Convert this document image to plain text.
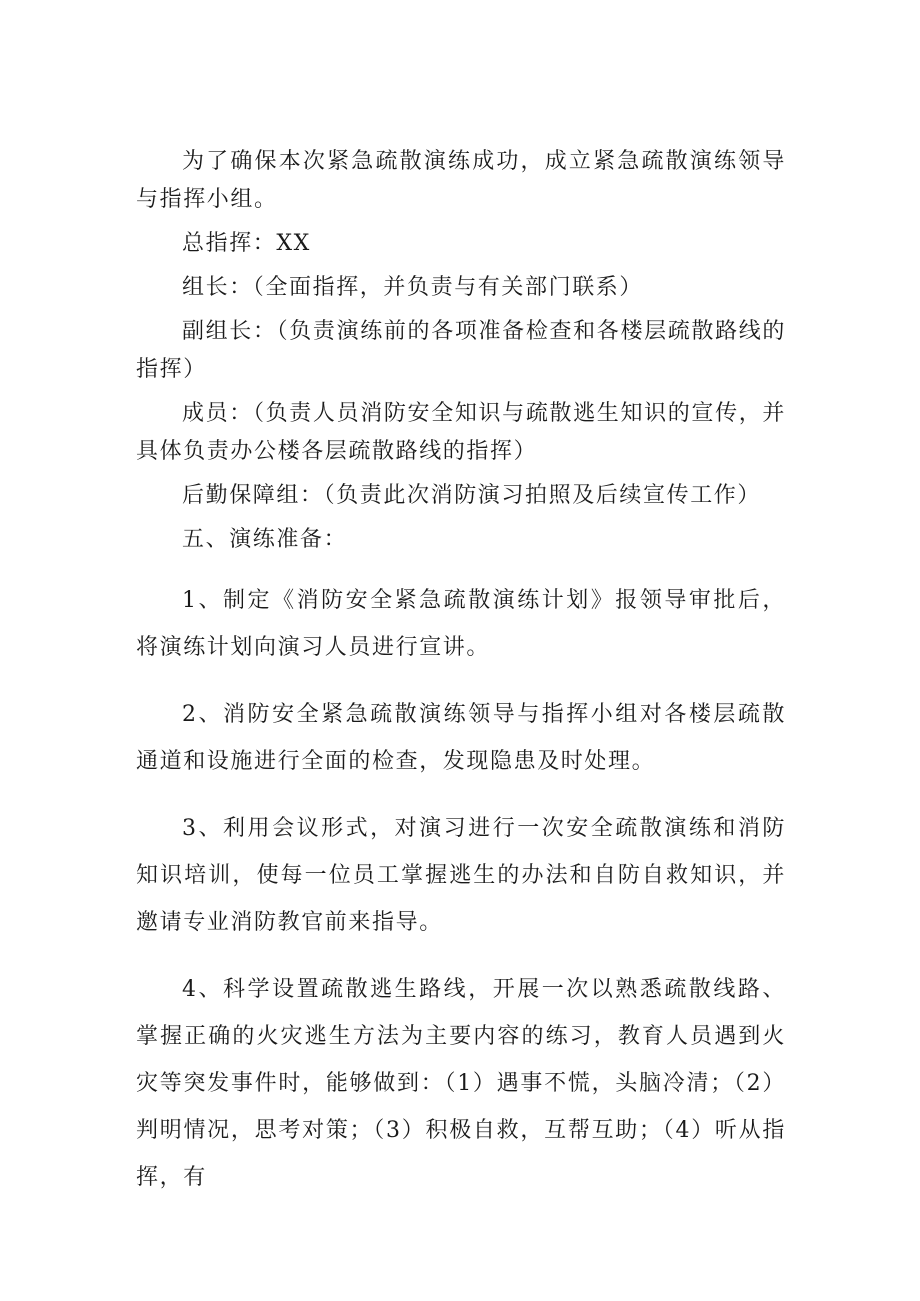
为了确保本次紧急疏散演练成功，成立紧急疏散演练领导与指挥小组。

总指挥：XX

组长：（全面指挥，并负责与有关部门联系）

副组长：（负责演练前的各项准备检查和各楼层疏散路线的指挥）

成员：（负责人员消防安全知识与疏散逃生知识的宣传，并具体负责办公楼各层疏散路线的指挥）

后勤保障组：（负责此次消防演习拍照及后续宣传工作）

五、演练准备：

1、制定《消防安全紧急疏散演练计划》报领导审批后，将演练计划向演习人员进行宣讲。

2、消防安全紧急疏散演练领导与指挥小组对各楼层疏散通道和设施进行全面的检查，发现隐患及时处理。

3、利用会议形式，对演习进行一次安全疏散演练和消防知识培训，使每一位员工掌握逃生的办法和自防自救知识，并邀请专业消防教官前来指导。

4、科学设置疏散逃生路线，开展一次以熟悉疏散线路、掌握正确的火灾逃生方法为主要内容的练习，教育人员遇到火灾等突发事件时，能够做到：（1）遇事不慌，头脑冷清；（2）判明情况，思考对策；（3）积极自救，互帮互助；（4）听从指挥，有
